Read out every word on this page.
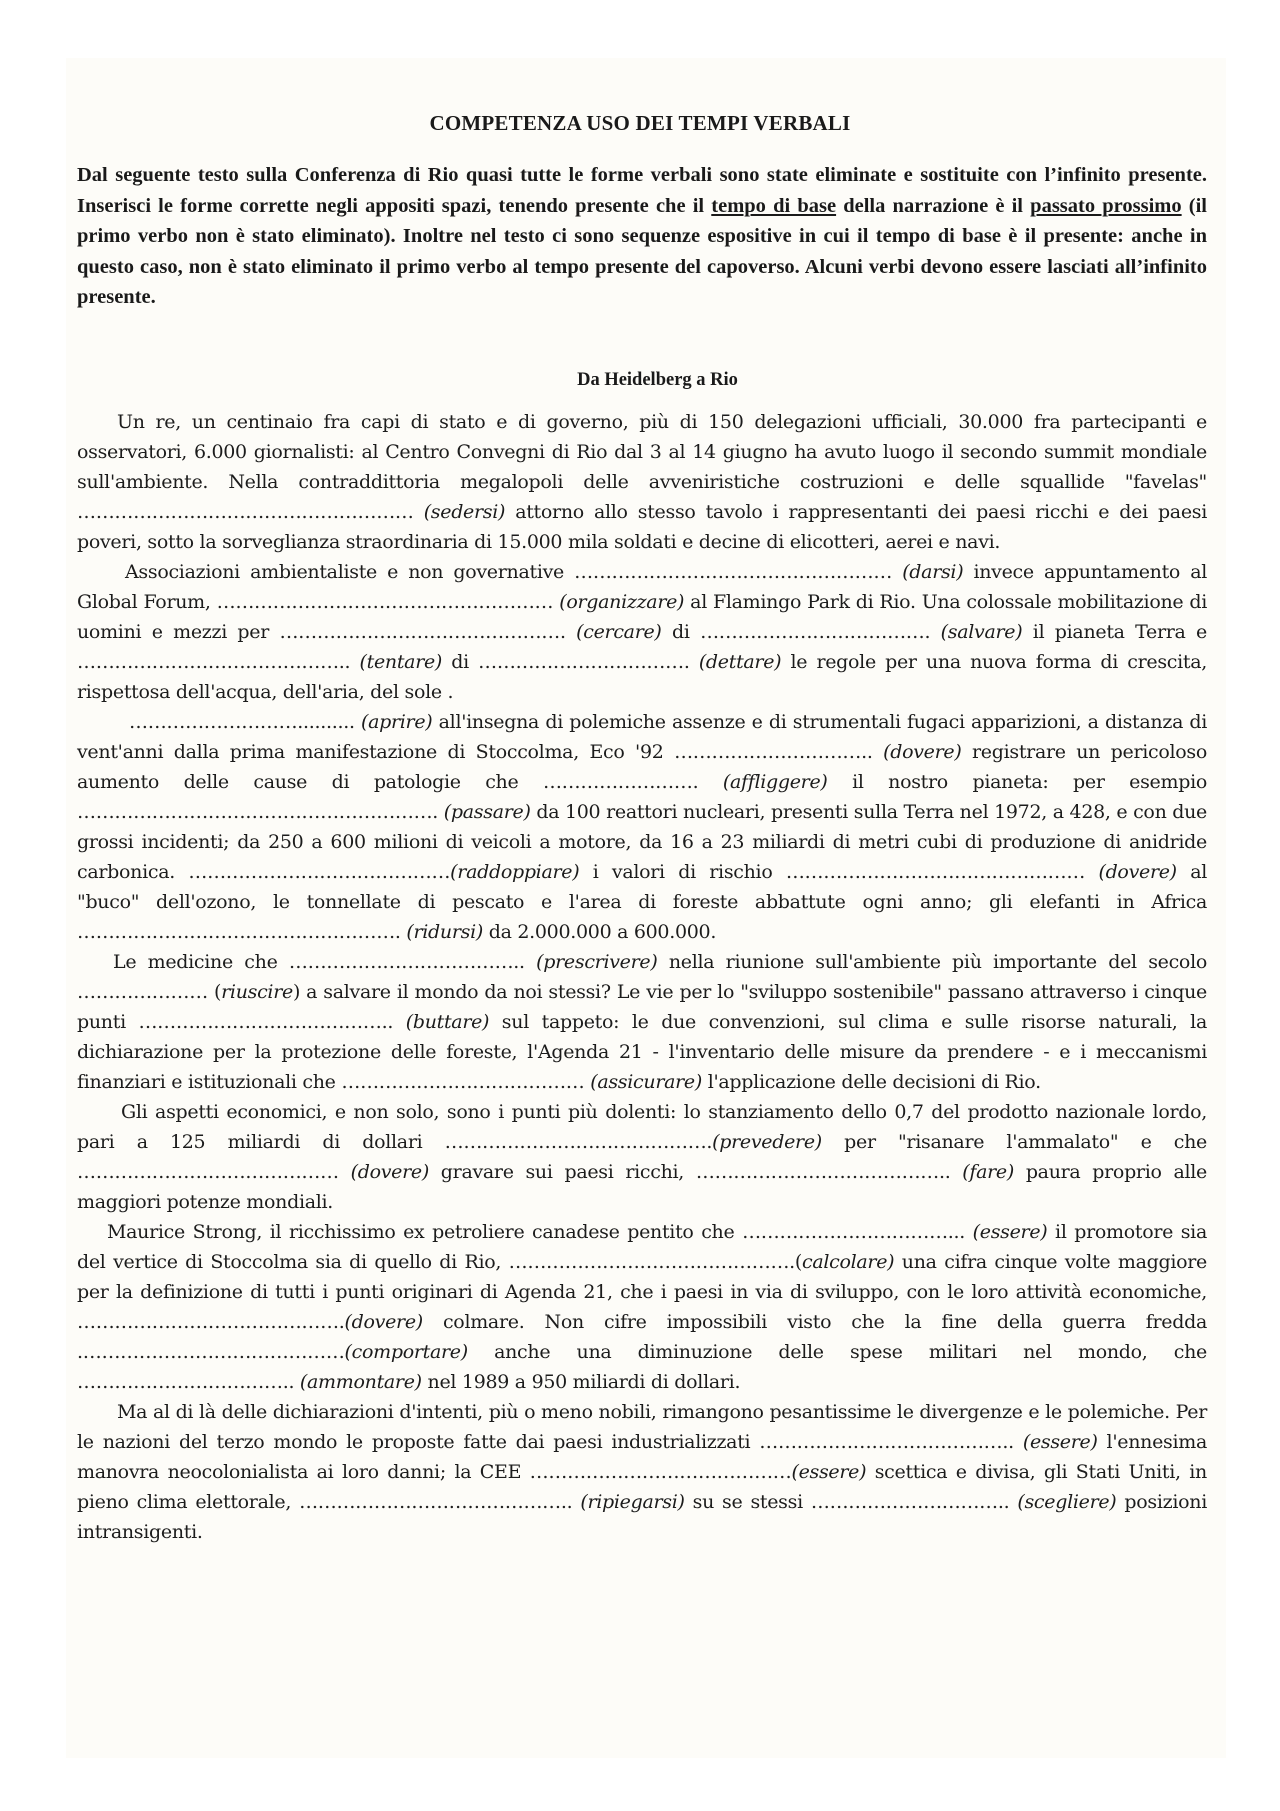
COMPETENZA USO DEI TEMPI VERBALI

Dal seguente testo sulla Conferenza di Rio quasi tutte le forme verbali sono state eliminate e sostituite con l’infinito presente. Inserisci le forme corrette negli appositi spazi, tenendo presente che il tempo di base della narrazione è il passato prossimo (il primo verbo non è stato eliminato). Inoltre nel testo ci sono sequenze espositive in cui il tempo di base è il presente: anche in questo caso, non è stato eliminato il primo verbo al tempo presente del capoverso. Alcuni verbi devono essere lasciati all’infinito presente.

Da Heidelberg a Rio

Un re, un centinaio fra capi di stato e di governo, più di 150 delegazioni ufficiali, 30.000 fra partecipanti e osservatori, 6.000 giornalisti: al Centro Convegni di Rio dal 3 al 14 giugno ha avuto luogo il secondo summit mondiale sull'ambiente. Nella contraddittoria megalopoli delle avveniristiche costruzioni e delle squallide "favelas" ……………………………………………… (sedersi) attorno allo stesso tavolo i rappresentanti dei paesi ricchi e dei paesi poveri, sotto la sorveglianza straordinaria di 15.000 mila soldati e decine di elicotteri, aerei e navi.

Associazioni ambientaliste e non governative …………………………………………… (darsi) invece appuntamento al Global Forum, ……………………………………………… (organizzare) al Flamingo Park di Rio. Una colossale mobilitazione di uomini e mezzi per ………………………………………. (cercare) di ………………………………. (salvare) il pianeta Terra e …………………………………….. (tentare) di ……………………………. (dettare) le regole per una nuova forma di crescita, rispettosa dell'acqua, dell'aria, del sole .

……………………….......... (aprire) all'insegna di polemiche assenze e di strumentali fugaci apparizioni, a distanza di vent'anni dalla prima manifestazione di Stoccolma, Eco '92 ………………………….. (dovere) registrare un pericoloso aumento delle cause di patologie che ……………………. (affliggere) il nostro pianeta: per esempio …………………………………………………. (passare) da 100 reattori nucleari, presenti sulla Terra nel 1972, a 428, e con due grossi incidenti; da 250 a 600 milioni di veicoli a motore, da 16 a 23 miliardi di metri cubi di produzione di anidride carbonica. ……………………………………(raddoppiare) i valori di rischio ………………………………………… (dovere) al "buco" dell'ozono, le tonnellate di pescato e l'area di foreste abbattute ogni anno; gli elefanti in Africa ……………………………………………. (ridursi) da 2.000.000 a 600.000.

Le medicine che ……………………………….. (prescrivere) nella riunione sull'ambiente più importante del secolo ………………… (riuscire) a salvare il mondo da noi stessi? Le vie per lo "sviluppo sostenibile" passano attraverso i cinque punti ………………………………….. (buttare) sul tappeto: le due convenzioni, sul clima e sulle risorse naturali, la dichiarazione per la protezione delle foreste, l'Agenda 21 - l'inventario delle misure da prendere - e i meccanismi finanziari e istituzionali che ………………………………… (assicurare) l'applicazione delle decisioni di Rio.

Gli aspetti economici, e non solo, sono i punti più dolenti: lo stanziamento dello 0,7 del prodotto nazionale lordo, pari a 125 miliardi di dollari …………………………………….(prevedere) per "risanare l'ammalato" e che …………………………………… (dovere) gravare sui paesi ricchi, ………………………………….. (fare) paura proprio alle maggiori potenze mondiali.

Maurice Strong, il ricchissimo ex petroliere canadese pentito che ……………………………... (essere) il promotore sia del vertice di Stoccolma sia di quello di Rio, ……………………………………….(calcolare) una cifra cinque volte maggiore per la definizione di tutti i punti originari di Agenda 21, che i paesi in via di sviluppo, con le loro attività economiche, …………………………………….(dovere) colmare. Non cifre impossibili visto che la fine della guerra fredda .……………………………………(comportare) anche una diminuzione delle spese militari nel mondo, che …………………………….. (ammontare) nel 1989 a 950 miliardi di dollari.

Ma al di là delle dichiarazioni d'intenti, più o meno nobili, rimangono pesantissime le divergenze e le polemiche. Per le nazioni del terzo mondo le proposte fatte dai paesi industrializzati ………………………………….. (essere) l'ennesima manovra neocolonialista ai loro danni; la CEE ……………………………………(essere) scettica e divisa, gli Stati Uniti, in pieno clima elettorale, …………………………………….. (ripiegarsi) su se stessi ………………………….. (scegliere) posizioni intransigenti.
